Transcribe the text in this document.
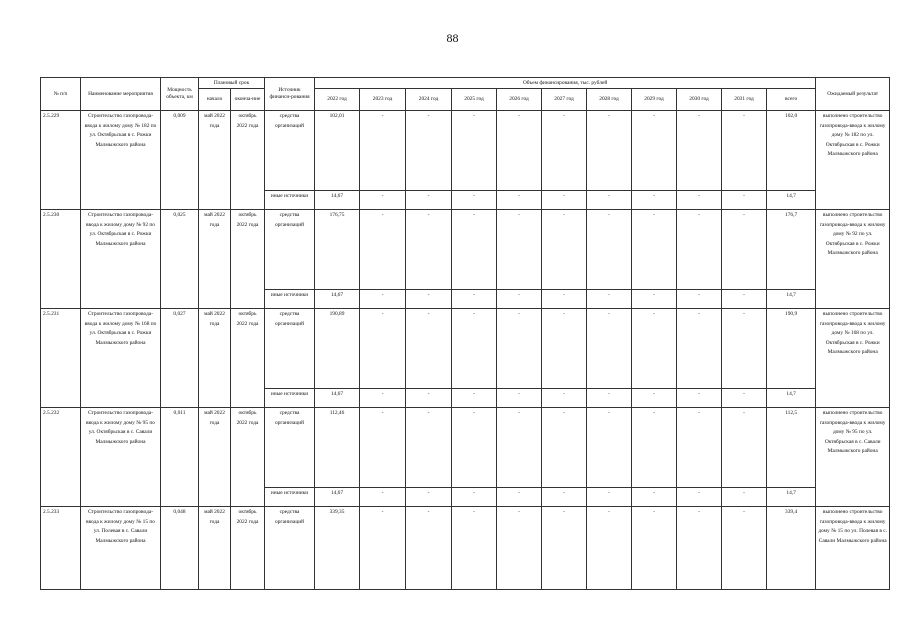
88
№ п/п	Наименование мероприятия	Мощность объекта, км	Плановый срок		Источник финанси-рования	Объем финансирования, тыс. рублей											Ожидаемый результат
			начало	оконча-ние		2022 год	2023 год	2024 год	2025 год	2026 год	2027 год	2028 год	2029 год	2030 год	2031 год	всего	
2.5.229	Строительство газопровода-ввода к жилому дому № 182 по ул. Октябрьская в с. Рожки Малмыжского района	0,009	май 2022 года	октябрь 2022 года	средства организаций	102,01	-	-	-	-	-	-	-	-	-	102,0	выполнено строительство газопровода-ввода к жилому дому № 182 по ул. Октябрьская в с. Рожки Малмыжского района
					иные источники	14,67	-	-	-	-	-	-	-	-	-	14,7	
2.5.230	Строительство газопровода-ввода к жилому дому № 92 по ул. Октябрьская в с. Рожки Малмыжского района	0,025	май 2022 года	октябрь 2022 года	средства организаций	176,75	-	-	-	-	-	-	-	-	-	176,7	выполнено строительство газопровода-ввода к жилому дому № 92 по ул. Октябрьская в с. Рожки Малмыжского района
					иные источники	14,67	-	-	-	-	-	-	-	-	-	14,7	
2.5.231	Строительство газопровода-ввода к жилому дому № 168 по ул. Октябрьская в с. Рожки Малмыжского района	0,027	май 2022 года	октябрь 2022 года	средства организаций	190,89	-	-	-	-	-	-	-	-	-	190,9	выполнено строительство газопровода-ввода к жилому дому № 168 по ул. Октябрьская в с. Рожки Малмыжского района
					иные источники	14,67	-	-	-	-	-	-	-	-	-	14,7	
2.5.232	Строительство газопровода-ввода к жилому дому № 95 по ул. Октябрьская в с. Савали Малмыжского района	0,011	май 2022 года	октябрь 2022 года	средства организаций	112,46	-	-	-	-	-	-	-	-	-	112,5	выполнено строительство газопровода-ввода к жилому дому № 95 по ул. Октябрьская в с. Савали Малмыжского района
					иные источники	14,67	-	-	-	-	-	-	-	-	-	14,7	
2.5.233	Строительство газопровода-ввода к жилому дому № 15 по ул. Полевая в с. Савали Малмыжского района	0,048	май 2022 года	октябрь 2022 года	средства организаций	339,35	-	-	-	-	-	-	-	-	-	339,4	выполнено строительство газопровода-ввода к жилому дому № 15 по ул. Полевая в с. Савали Малмыжского района
